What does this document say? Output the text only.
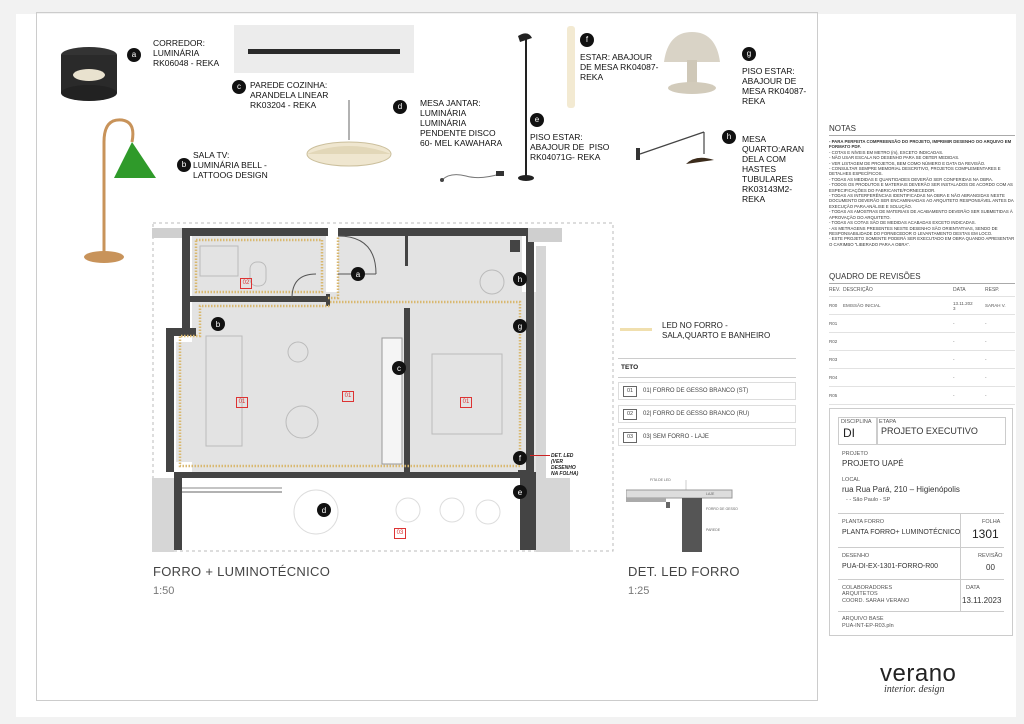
a
CORREDOR:
LUMINÁRIA
RK06048 - REKA
b
SALA TV:
LUMINÁRIA BELL -
LATTOOG DESIGN
c	PAREDE COZINHA:
ARANDELA LINEAR
RK03204 - REKA	d	MESA JANTAR:
LUMINÁRIA
LUMINÁRIA
PENDENTE DISCO
60- MEL KAWAHARA
e
PISO ESTAR:
ABAJOUR DE  PISO
RK04071G- REKA
f
ESTAR: ABAJOUR
DE MESA RK04087-
REKA
g
PISO ESTAR:
ABAJOUR DE
MESA RK04087-
REKA
h	MESA
QUARTO:ARAN
DELA COM
HASTES
TUBULARES
RK03143M2-
REKA
a
b
c
d
e
f
g
h
02
01
01
01
03
DET. LED
(VER
DESENHO
NA FOLHA)
FORRO + LUMINOTÉCNICO
1:50
LED NO FORRO -
SALA,QUARTO E BANHEIRO
TETO
01 01| FORRO DE GESSO BRANCO (ST)
02 02| FORRO DE GESSO BRANCO (RU)
03 03| SEM FORRO - LAJE
FITA DE LED
LAJE
FORRO DE GESSO
PAREDE
DET. LED FORRO
1:25
NOTAS
- PARA PERFEITA COMPREENSÃO DO PROJETO, IMPRIMIR DESENHO OO ARQUIVO EM FORMATO PDF.
- COTAS E NÍVEIS EM METRO (m), EXCETO INDICADAS.
- NÃO USAR ESCALA NO DESENHO PARA SE OBTER MEDIDAS.
- VER LISTAGEM DE PROJETOS, BEM COMO NÚMERO E DATA DA REVISÃO.
- CONSULTAR SEMPRE MEMORIAL DESCRITIVO, PROJETOS COMPLEMENTARES E DETALHES ESPECÍFICOS.
- TODAS AS MEDIDAS E QUANTIDADES DEVERÃO SER CONFERIDAS NA OBRA.
- TODOS OS PRODUTOS E MATERIAIS DEVERÃO SER INSTALADOS DE ACORDO COM AS ESPECIFICAÇÕES DO FABRICANTE/FORNECEDOR.
- TODAS AS INTERFERÊNCIAS IDENTIFICADAS NA OBRA E NÃO ABRANGIDAS NESTE DOCUMENTO DEVERÃO SER ENCAMINHADAS AO ARQUITETO RESPONSÁVEL ANTES DA EXECUÇÃO PARA ANÁLISE E SOLUÇÃO.
- TODAS AS AMOSTRAS DE MATERIAIS DE ACABAMENTO DEVERÃO SER SUBMETIDAS À APROVAÇÃO DO ARQUITETO.
- TODAS AS COTAS SÃO DE MEDIDAS ACABADAS EXCETO INDICADAS.
- AS METRAGENS PRESENTES NESTE DESENHO SÃO ORIENTATIVAS, SENDO DE RESPONSABILIDADE DO FORNECEDOR O LEVANTAMENTO DESTAS EM LOCO.
- ESTE PROJETO SOMENTE PODERÁ SER EXECUTADO EM OBRA QUANDO APRESENTAR O CARIMBO "LIBERADO PARA A OBRA".
QUADRO DE REVISÕES
REV. DESCRIÇÃO	DATA	RESP.
R00	EMISSÃO INICIAL	13.11.202
3	SARAH V.
R01	-	-
R02	-	-
R03	-	-
R04	-	-
R05	-	-
DISCIPLINA
DI
ETAPA
PROJETO EXECUTIVO
PROJETO
PROJETO UAPÉ
LOCAL
rua Rua Pará, 210 – Higienópolis
- - São Paulo - SP
PLANTA FORRO
PLANTA FORRO+ LUMINOTÉCNICO
FOLHA
1301
DESENHO
PUA-DI-EX-1301-FORRO-R00
REVISÃO
00
COLABORADORES
ARQUITETOS
COORD. SARAH VERANO
DATA
13.11.2023
ARQUIVO BASE
PUA-INT-EP-R03.pln
verano
interior. design
